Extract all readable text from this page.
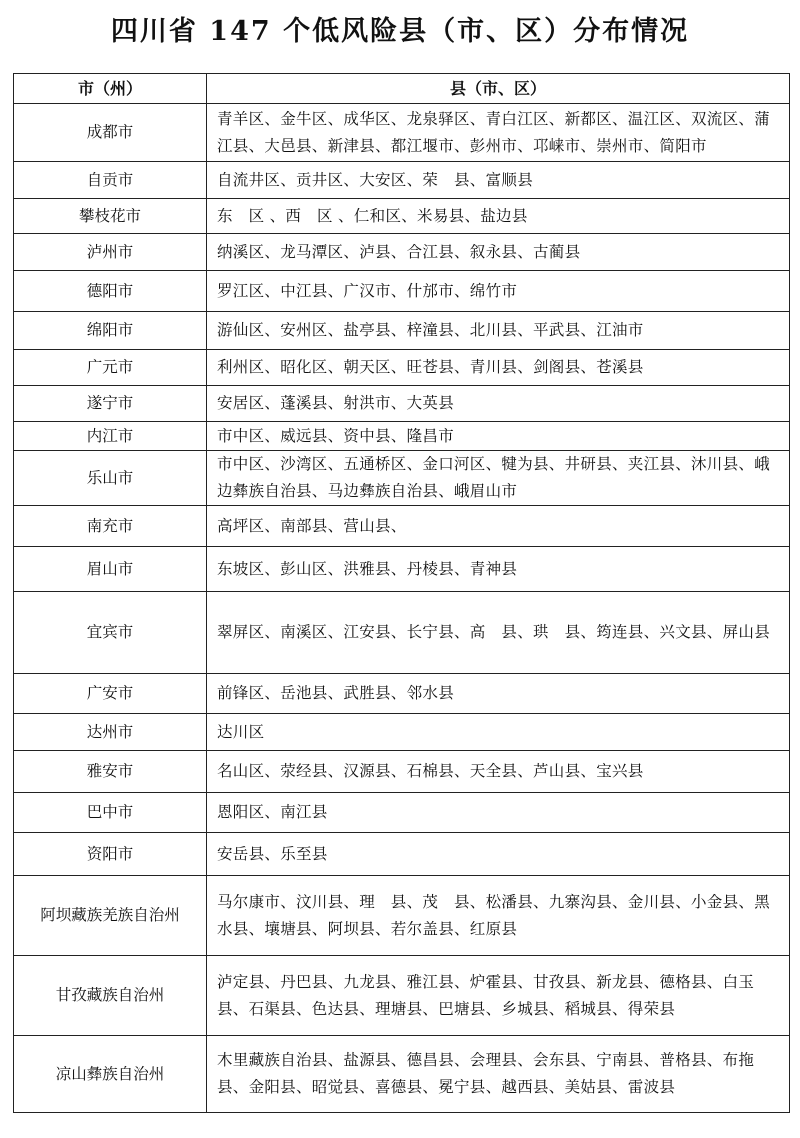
四川省 147 个低风险县（市、区）分布情况
市（州）	县（市、区）
成都市	青羊区、金牛区、成华区、龙泉驿区、青白江区、新都区、温江区、双流区、蒲江县、大邑县、新津县、都江堰市、彭州市、邛崃市、崇州市、简阳市
自贡市	自流井区、贡井区、大安区、荣　县、富顺县
攀枝花市	东　区 、西　区 、仁和区、米易县、盐边县
泸州市	纳溪区、龙马潭区、泸县、合江县、叙永县、古蔺县
德阳市	罗江区、中江县、广汉市、什邡市、绵竹市
绵阳市	游仙区、安州区、盐亭县、梓潼县、北川县、平武县、江油市
广元市	利州区、昭化区、朝天区、旺苍县、青川县、剑阁县、苍溪县
遂宁市	安居区、蓬溪县、射洪市、大英县
内江市	市中区、威远县、资中县、隆昌市
乐山市	市中区、沙湾区、五通桥区、金口河区、犍为县、井研县、夹江县、沐川县、峨边彝族自治县、马边彝族自治县、峨眉山市
南充市	高坪区、南部县、营山县、
眉山市	东坡区、彭山区、洪雅县、丹棱县、青神县
宜宾市	翠屏区、南溪区、江安县、长宁县、高　县、珙　县、筠连县、兴文县、屏山县
广安市	前锋区、岳池县、武胜县、邻水县
达州市	达川区
雅安市	名山区、荥经县、汉源县、石棉县、天全县、芦山县、宝兴县
巴中市	恩阳区、南江县
资阳市	安岳县、乐至县
阿坝藏族羌族自治州	马尔康市、汶川县、理　县、茂　县、松潘县、九寨沟县、金川县、小金县、黑水县、壤塘县、阿坝县、若尔盖县、红原县
甘孜藏族自治州	泸定县、丹巴县、九龙县、雅江县、炉霍县、甘孜县、新龙县、德格县、白玉县、石渠县、色达县、理塘县、巴塘县、乡城县、稻城县、得荣县
凉山彝族自治州	木里藏族自治县、盐源县、德昌县、会理县、会东县、宁南县、普格县、布拖县、金阳县、昭觉县、喜德县、冕宁县、越西县、美姑县、雷波县
